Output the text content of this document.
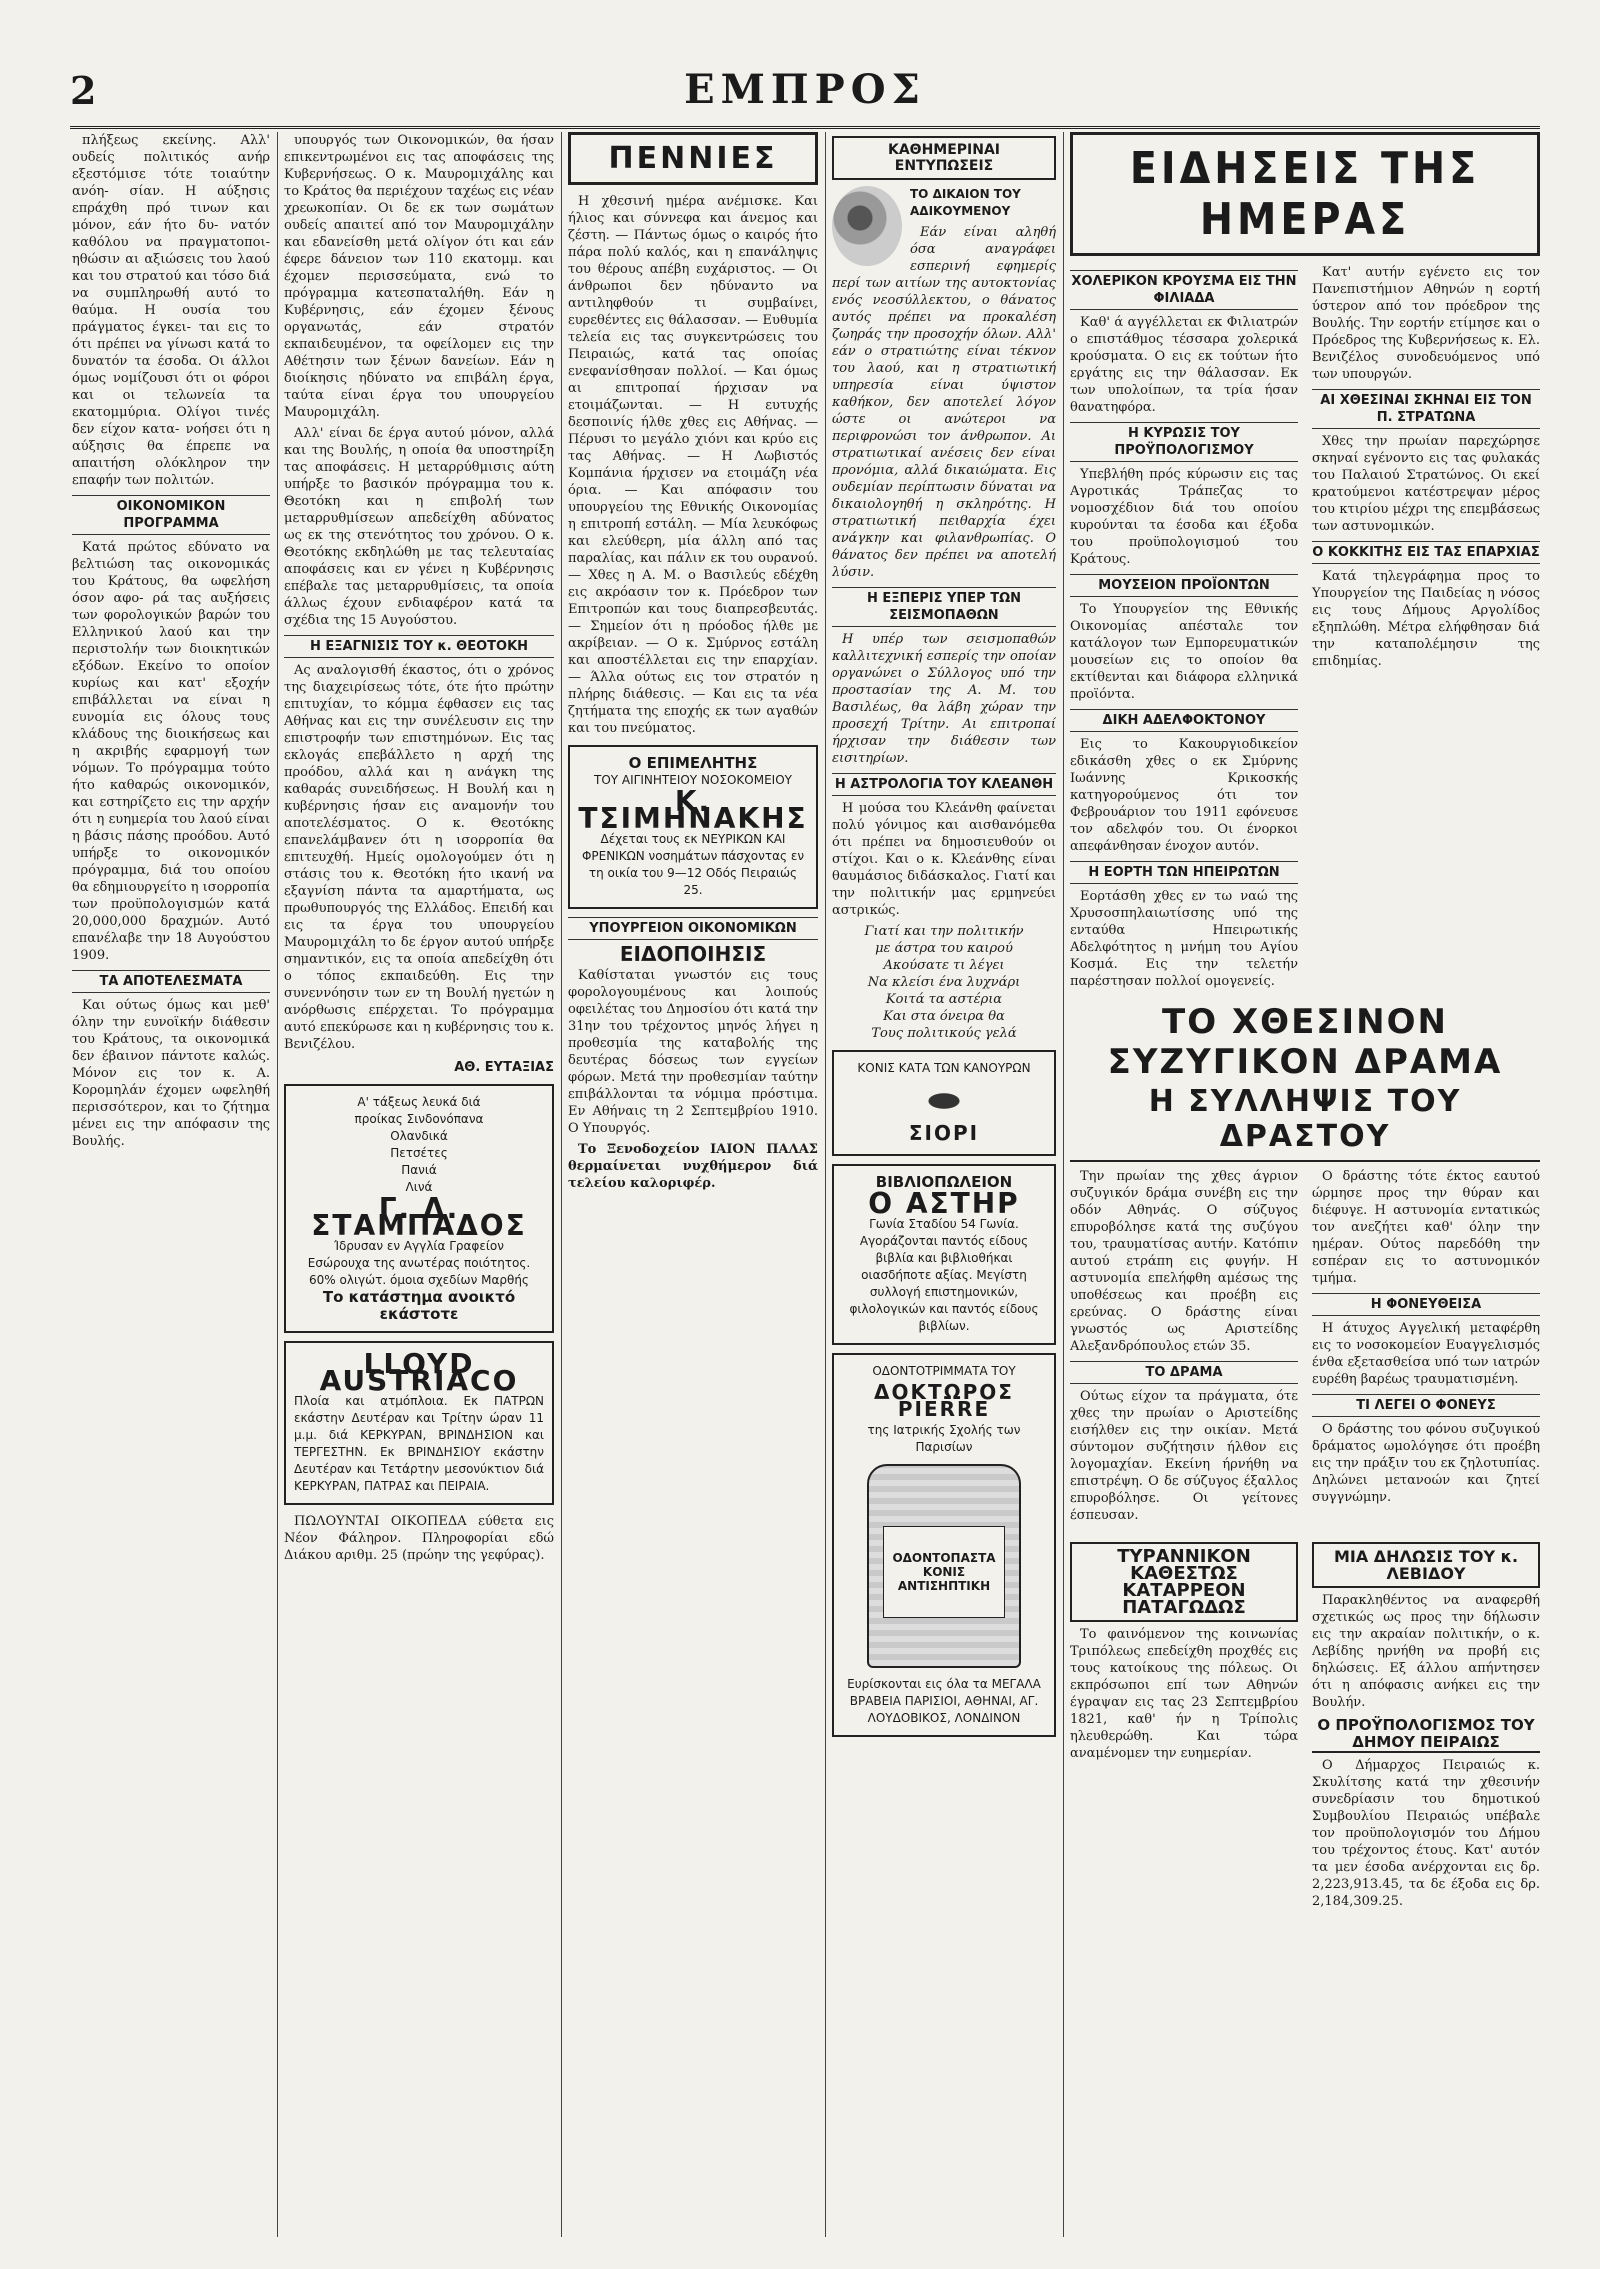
2	ΕΜΠΡΟΣ

πλήξεως εκείνης. Αλλ' ουδείς πολιτικός ανήρ εξεστόμισε τότε τοιαύτην ανόη- σίαν. Η αύξησις επράχθη πρό τινων και μόνον, εάν ήτο δυ- νατόν καθόλου να πραγματοποι- ηθώσιν αι αξιώσεις του λαού και του στρατού και τόσο διά να συμπληρωθή αυτό το θαύμα. Η ουσία του πράγματος έγκει- ται εις το ότι πρέπει να γίνωσι κατά το δυνατόν τα έσοδα. Οι άλλοι όμως νομίζουσι ότι οι φόροι και οι τελωνεία τα εκατομμύρια. Ολίγοι τινές δεν είχον κατα- νοήσει ότι η αύξησις θα έπρεπε να απαιτήση ολόκληρον την επαφήν των πολιτών.

ΟΙΚΟΝΟΜΙΚΟΝ ΠΡΟΓΡΑΜΜΑ

Κατά πρώτος εδύνατο να βελτιώση τας οικονομικάς του Κράτους, θα ωφελήση όσον αφο- ρά τας αυξήσεις των φορολογικών βαρών του Ελληνικού λαού και την περιστολήν των διοικητικών εξόδων. Εκείνο το οποίον κυρίως και κατ' εξοχήν επιβάλλεται να είναι η ευνομία εις όλους τους κλάδους της διοικήσεως και η ακριβής εφαρμογή των νόμων. Το πρόγραμμα τούτο ήτο καθαρώς οικονομικόν, και εστηρίζετο εις την αρχήν ότι η ευημερία του λαού είναι η βάσις πάσης προόδου. Αυτό υπήρξε το οικονομικόν πρόγραμμα, διά του οποίου θα εδημιουργείτο η ισορροπία των προϋπολογισμών κατά 20,000,000 δραχμών. Αυτό επανέλαβε την 18 Αυγούστου 1909.

ΤΑ ΑΠΟΤΕΛΕΣΜΑΤΑ

Και ούτως όμως και μεθ' όλην την ευνοϊκήν διάθεσιν του Κράτους, τα οικονομικά δεν έβαινον πάντοτε καλώς. Μόνον εις τον κ. Α. Κορομηλάν έχομεν ωφεληθή περισσότερον, και το ζήτημα μένει εις την απόφασιν της Βουλής.

υπουργός των Οικονομικών, θα ήσαν επικεντρωμένοι εις τας αποφάσεις της Κυβερνήσεως. Ο κ. Μαυρομιχάλης και το Κράτος θα περιέχουν ταχέως εις νέαν χρεωκοπίαν. Οι δε εκ των σωμάτων ουδείς απαιτεί από τον Μαυρομιχάλην και εδανείσθη μετά ολίγον ότι και εάν έφερε δάνειον των 110 εκατομμ. και έχομεν περισσεύματα, ενώ το πρόγραμμα κατεσπαταλήθη. Εάν η Κυβέρνησις, εάν έχομεν ξένους οργανωτάς, εάν στρατόν εκπαιδευμένον, τα οφείλομεν εις την Αθέτησιν των ξένων δανείων. Εάν η διοίκησις ηδύνατο να επιβάλη έργα, ταύτα είναι έργα του υπουργείου Μαυρομιχάλη.

Αλλ' είναι δε έργα αυτού μόνον, αλλά και της Βουλής, η οποία θα υποστηρίξη τας αποφάσεις. Η μεταρρύθμισις αύτη υπήρξε το βασικόν πρόγραμμα του κ. Θεοτόκη και η επιβολή των μεταρρυθμίσεων απεδείχθη αδύνατος ως εκ της στενότητος του χρόνου. Ο κ. Θεοτόκης εκδηλώθη με τας τελευταίας αποφάσεις και εν γένει η Κυβέρνησις επέβαλε τας μεταρρυθμίσεις, τα οποία άλλως έχουν ενδιαφέρον κατά τα σχέδια της 15 Αυγούστου.

Η ΕΞΑΓΝΙΣΙΣ ΤΟΥ κ. ΘΕΟΤΟΚΗ

Ας αναλογισθή έκαστος, ότι ο χρόνος της διαχειρίσεως τότε, ότε ήτο πρώτην επιτυχίαν, το κόμμα έφθασεν εις τας Αθήνας και εις την συνέλευσιν εις την επιστροφήν των επιστημόνων. Εις τας εκλογάς επεβάλλετο η αρχή της προόδου, αλλά και η ανάγκη της καθαράς συνειδήσεως. Η Βουλή και η κυβέρνησις ήσαν εις αναμονήν του αποτελέσματος. Ο κ. Θεοτόκης επανελάμβανεν ότι η ισορροπία θα επιτευχθή. Ημείς ομολογούμεν ότι η στάσις του κ. Θεοτόκη ήτο ικανή να εξαγνίση πάντα τα αμαρτήματα, ως πρωθυπουργός της Ελλάδος. Επειδή και εις τα έργα του υπουργείου Μαυρομιχάλη το δε έργον αυτού υπήρξε σημαντικόν, εις τα οποία απεδείχθη ότι ο τόπος εκπαιδεύθη. Εις την συνεννόησιν των εν τη Βουλή ηγετών η ανόρθωσις επέρχεται. Το πρόγραμμα αυτό επεκύρωσε και η κυβέρνησις του κ. Βενιζέλου.

ΑΘ. ΕΥΤΑΞΙΑΣ
Α' τάξεως λευκά διά
προίκας Σινδονόπανα
Ολανδικά
Πετσέτες
Πανιά
Λινά
Γ. Δ. ΣΤΑΜΠΑΔΟΣ
Ίδρυσαν εν Αγγλία Γραφείον
Εσώρουχα της ανωτέρας ποιότητος. 60% ολιγώτ. όμοια σχεδίων Μαρθής
Το κατάστημα ανοικτό εκάστοτε
LLOYD AUSTRIACO
Πλοία και ατμόπλοια. Εκ ΠΑΤΡΩΝ εκάστην Δευτέραν και Τρίτην ώραν 11 μ.μ. διά ΚΕΡΚΥΡΑΝ, ΒΡΙΝΔΗΣΙΟΝ και ΤΕΡΓΕΣΤΗΝ. Εκ ΒΡΙΝΔΗΣΙΟΥ εκάστην Δευτέραν και Τετάρτην μεσονύκτιον διά ΚΕΡΚΥΡΑΝ, ΠΑΤΡΑΣ και ΠΕΙΡΑΙΑ.

ΠΩΛΟΥΝΤΑΙ ΟΙΚΟΠΕΔΑ εύθετα εις Νέον Φάληρον. Πληροφορίαι εδώ Διάκου αριθμ. 25 (πρώην της γεφύρας).

ΠΕΝΝΙΕΣ

Η χθεσινή ημέρα ανέμισκε. Και ήλιος και σύννεφα και άνεμος και ζέστη. — Πάντως όμως ο καιρός ήτο πάρα πολύ καλός, και η επανάληψις του θέρους απέβη ευχάριστος. — Οι άνθρωποι δεν ηδύναντο να αντιληφθούν τι συμβαίνει, ευρεθέντες εις θάλασσαν. — Ευθυμία τελεία εις τας συγκεντρώσεις του Πειραιώς, κατά τας οποίας ενεφανίσθησαν πολλοί. — Και όμως αι επιτροπαί ήρχισαν να ετοιμάζωνται. — Η ευτυχής δεσποινίς ήλθε χθες εις Αθήνας. — Πέρυσι το μεγάλο χιόνι και κρύο εις τας Αθήνας. — Η Λωβιστός Κομπάνια ήρχισεν να ετοιμάζη νέα όρια. — Και απόφασιν του υπουργείου της Εθνικής Οικονομίας η επιτροπή εστάλη. — Μία λευκόφως και ελεύθερη, μία άλλη από τας παραλίας, και πάλιν εκ του ουρανού. — Χθες η Α. Μ. ο Βασιλεύς εδέχθη εις ακρόασιν τον κ. Πρόεδρον των Επιτροπών και τους διαπρεσβευτάς. — Σημείον ότι η πρόοδος ήλθε με ακρίβειαν. — Ο κ. Σμύρνος εστάλη και αποστέλλεται εις την επαρχίαν. — Άλλα ούτως εις τον στρατόν η πλήρης διάθεσις. — Και εις τα νέα ζητήματα της εποχής εκ των αγαθών και του πνεύματος.

Ο ΕΠΙΜΕΛΗΤΗΣ
ΤΟΥ ΑΙΓΙΝΗΤΕΙΟΥ ΝΟΣΟΚΟΜΕΙΟΥ
Κ. ΤΣΙΜΗΝΑΚΗΣ
Δέχεται τους εκ ΝΕΥΡΙΚΩΝ ΚΑΙ ΦΡΕΝΙΚΩΝ νοσημάτων πάσχοντας εν τη οικία του 9—12 Οδός Πειραιώς 25.
ΥΠΟΥΡΓΕΙΟΝ ΟΙΚΟΝΟΜΙΚΩΝ
ΕΙΔΟΠΟΙΗΣΙΣ

Καθίσταται γνωστόν εις τους φορολογουμένους και λοιπούς οφειλέτας του Δημοσίου ότι κατά την 31ην του τρέχοντος μηνός λήγει η προθεσμία της καταβολής της δευτέρας δόσεως των εγγείων φόρων. Μετά την προθεσμίαν ταύτην επιβάλλονται τα νόμιμα πρόστιμα. Εν Αθήναις τη 2 Σεπτεμβρίου 1910. Ο Υπουργός.

Το Ξενοδοχείον ΙΑΙΟΝ ΠΑΛΑΣ θερμαίνεται νυχθήμερον διά τελείου καλοριφέρ.

ΚΑΘΗΜΕΡΙΝΑΙ ΕΝΤΥΠΩΣΕΙΣ
ΤΟ ΔΙΚΑΙΟΝ ΤΟΥ ΑΔΙΚΟΥΜΕΝΟΥ

Εάν είναι αληθή όσα αναγράφει εσπερινή εφημερίς περί των αιτίων της αυτοκτονίας ενός νεοσύλλεκτου, ο θάνατος αυτός πρέπει να προκαλέση ζωηράς την προσοχήν όλων. Αλλ' εάν ο στρατιώτης είναι τέκνον του λαού, και η στρατιωτική υπηρεσία είναι ύψιστον καθήκον, δεν αποτελεί λόγον ώστε οι ανώτεροι να περιφρονώσι τον άνθρωπον. Αι στρατιωτικαί ανέσεις δεν είναι προνόμια, αλλά δικαιώματα. Εις ουδεμίαν περίπτωσιν δύναται να δικαιολογηθή η σκληρότης. Η στρατιωτική πειθαρχία έχει ανάγκην και φιλανθρωπίας. Ο θάνατος δεν πρέπει να αποτελή λύσιν.

Η ΕΞΠΕΡΙΣ ΥΠΕΡ ΤΩΝ ΣΕΙΣΜΟΠΑΘΩΝ

Η υπέρ των σεισμοπαθών καλλιτεχνική εσπερίς την οποίαν οργανώνει ο Σύλλογος υπό την προστασίαν της Α. Μ. του Βασιλέως, θα λάβη χώραν την προσεχή Τρίτην. Αι επιτροπαί ήρχισαν την διάθεσιν των εισιτηρίων.

Η ΑΣΤΡΟΛΟΓΙΑ ΤΟΥ ΚΛΕΑΝΘΗ

Η μούσα του Κλεάνθη φαίνεται πολύ γόνιμος και αισθανόμεθα ότι πρέπει να δημοσιευθούν οι στίχοι. Και ο κ. Κλεάνθης είναι θαυμάσιος διδάσκαλος. Γιατί και την πολιτικήν μας ερμηνεύει αστρικώς.

Γιατί και την πολιτικήν
με άστρα του καιρού
Ακούσατε τι λέγει
Να κλείσι ένα λυχνάρι
Κοιτά τα αστέρια
Και στα όνειρα θα
Τους πολιτικούς γελά
ΚΟΝΙΣ ΚΑΤΑ ΤΩΝ ΚΑΝΟΥΡΩΝ
ΣΙΟΡΙ
ΒΙΒΛΙΟΠΩΛΕΙΟΝ
Ο ΑΣΤΗΡ
Γωνία Σταδίου 54 Γωνία. Αγοράζονται παντός είδους βιβλία και βιβλιοθήκαι οιασδήποτε αξίας. Μεγίστη συλλογή επιστημονικών, φιλολογικών και παντός είδους βιβλίων.
ΟΔΟΝΤΟΤΡΙΜΜΑΤΑ ΤΟΥ
ΔΟΚΤΩΡΟΣ PIERRE
της Ιατρικής Σχολής των Παρισίων
ΟΔΟΝΤΟΠΑΣΤΑ ΚΟΝΙΣ ΑΝΤΙΣΗΠΤΙΚΗ
Ευρίσκονται εις όλα τα ΜΕΓΑΛΑ ΒΡΑΒΕΙΑ ΠΑΡΙΣΙΟΙ, ΑΘΗΝΑΙ, ΑΓ. ΛΟΥΔΟΒΙΚΟΣ, ΛΟΝΔΙΝΟΝ
ΕΙΔΗΣΕΙΣ ΤΗΣ ΗΜΕΡΑΣ
ΧΟΛΕΡΙΚΟΝ ΚΡΟΥΣΜΑ ΕΙΣ ΤΗΝ ΦΙΛΙΑΔΑ

Καθ' ά αγγέλλεται εκ Φιλιατρών ο επιστάθμος τέσσαρα χολερικά κρούσματα. Ο εις εκ τούτων ήτο εργάτης εις την θάλασσαν. Εκ των υπολοίπων, τα τρία ήσαν θανατηφόρα.

Η ΚΥΡΩΣΙΣ ΤΟΥ ΠΡΟΫΠΟΛΟΓΙΣΜΟΥ

Υπεβλήθη πρός κύρωσιν εις τας Αγροτικάς Τράπεζας το νομοσχέδιον διά του οποίου κυρούνται τα έσοδα και έξοδα του προϋπολογισμού του Κράτους.

ΜΟΥΣΕΙΟΝ ΠΡΟΪΟΝΤΩΝ

Το Υπουργείον της Εθνικής Οικονομίας απέσταλε τον κατάλογον των Εμπορευματικών μουσείων εις το οποίον θα εκτίθενται και διάφορα ελληνικά προϊόντα.

ΔΙΚΗ ΑΔΕΛΦΟΚΤΟΝΟΥ

Εις το Κακουργιοδικείον εδικάσθη χθες ο εκ Σμύρνης Ιωάννης Κρικοσκής κατηγορούμενος ότι τον Φεβρουάριον του 1911 εφόνευσε τον αδελφόν του. Οι ένορκοι απεφάνθησαν ένοχον αυτόν.

Η ΕΟΡΤΗ ΤΩΝ ΗΠΕΙΡΩΤΩΝ

Εορτάσθη χθες εν τω ναώ της Χρυσοσπηλαιωτίσσης υπό της ενταύθα Ηπειρωτικής Αδελφότητος η μνήμη του Αγίου Κοσμά. Εις την τελετήν παρέστησαν πολλοί ομογενείς.

Κατ' αυτήν εγένετο εις τον Πανεπιστήμιον Αθηνών η εορτή ύστερον από τον πρόεδρον της Βουλής. Την εορτήν ετίμησε και ο Πρόεδρος της Κυβερνήσεως κ. Ελ. Βενιζέλος συνοδευόμενος υπό των υπουργών.

ΑΙ ΧΘΕΣΙΝΑΙ ΣΚΗΝΑΙ ΕΙΣ ΤΟΝ Π. ΣΤΡΑΤΩΝΑ

Χθες την πρωίαν παρεχώρησε σκηναί εγένοντο εις τας φυλακάς του Παλαιού Στρατώνος. Οι εκεί κρατούμενοι κατέστρεψαν μέρος του κτιρίου μέχρι της επεμβάσεως των αστυνομικών.

Ο ΚΟΚΚΙΤΗΣ ΕΙΣ ΤΑΣ ΕΠΑΡΧΙΑΣ

Κατά τηλεγράφημα προς το Υπουργείον της Παιδείας η νόσος εις τους Δήμους Αργολίδος εξηπλώθη. Μέτρα ελήφθησαν διά την καταπολέμησιν της επιδημίας.

ΤΟ ΧΘΕΣΙΝΟΝ ΣΥΖΥΓΙΚΟΝ ΔΡΑΜΑ
Η ΣΥΛΛΗΨΙΣ ΤΟΥ ΔΡΑΣΤΟΥ

Την πρωίαν της χθες άγριον συζυγικόν δράμα συνέβη εις την οδόν Αθηνάς. Ο σύζυγος επυροβόλησε κατά της συζύγου του, τραυματίσας αυτήν. Κατόπιν αυτού ετράπη εις φυγήν. Η αστυνομία επελήφθη αμέσως της υποθέσεως και προέβη εις ερεύνας. Ο δράστης είναι γνωστός ως Αριστείδης Αλεξανδρόπουλος ετών 35.

ΤΟ ΔΡΑΜΑ

Ούτως είχον τα πράγματα, ότε χθες την πρωίαν ο Αριστείδης εισήλθεν εις την οικίαν. Μετά σύντομον συζήτησιν ήλθον εις λογομαχίαν. Εκείνη ήρνήθη να επιστρέψη. Ο δε σύζυγος έξαλλος επυροβόλησε. Οι γείτονες έσπευσαν.

Ο δράστης τότε έκτος εαυτού ώρμησε προς την θύραν και διέφυγε. Η αστυνομία εντατικώς τον ανεζήτει καθ' όλην την ημέραν. Ούτος παρεδόθη την εσπέραν εις το αστυνομικόν τμήμα.

Η ΦΟΝΕΥΘΕΙΣΑ

Η άτυχος Αγγελική μεταφέρθη εις το νοσοκομείον Ευαγγελισμός ένθα εξετασθείσα υπό των ιατρών ευρέθη βαρέως τραυματισμένη.

ΤΙ ΛΕΓΕΙ Ο ΦΟΝΕΥΣ

Ο δράστης του φόνου συζυγικού δράματος ωμολόγησε ότι προέβη εις την πράξιν του εκ ζηλοτυπίας. Δηλώνει μετανοών και ζητεί συγγνώμην.

ΤΥΡΑΝΝΙΚΟΝ ΚΑΘΕΣΤΩΣ ΚΑΤΑΡΡΕΟΝ ΠΑΤΑΓΩΔΩΣ

Το φαινόμενον της κοινωνίας Τριπόλεως επεδείχθη προχθές εις τους κατοίκους της πόλεως. Οι εκπρόσωποι επί των Αθηνών έγραψαν εις τας 23 Σεπτεμβρίου 1821, καθ' ήν η Τρίπολις ηλευθερώθη. Και τώρα αναμένομεν την ευημερίαν.

ΜΙΑ ΔΗΛΩΣΙΣ ΤΟΥ κ. ΛΕΒΙΔΟΥ

Παρακληθέντος να αναφερθή σχετικώς ως προς την δήλωσιν εις την ακραίαν πολιτικήν, ο κ. Λεβίδης ηρνήθη να προβή εις δηλώσεις. Εξ άλλου απήντησεν ότι η απόφασις ανήκει εις την Βουλήν.

Ο ΠΡΟΫΠΟΛΟΓΙΣΜΟΣ ΤΟΥ ΔΗΜΟΥ ΠΕΙΡΑΙΩΣ

Ο Δήμαρχος Πειραιώς κ. Σκυλίτσης κατά την χθεσινήν συνεδρίασιν του δημοτικού Συμβουλίου Πειραιώς υπέβαλε τον προϋπολογισμόν του Δήμου του τρέχοντος έτους. Κατ' αυτόν τα μεν έσοδα ανέρχονται εις δρ. 2,223,913.45, τα δε έξοδα εις δρ. 2,184,309.25.
